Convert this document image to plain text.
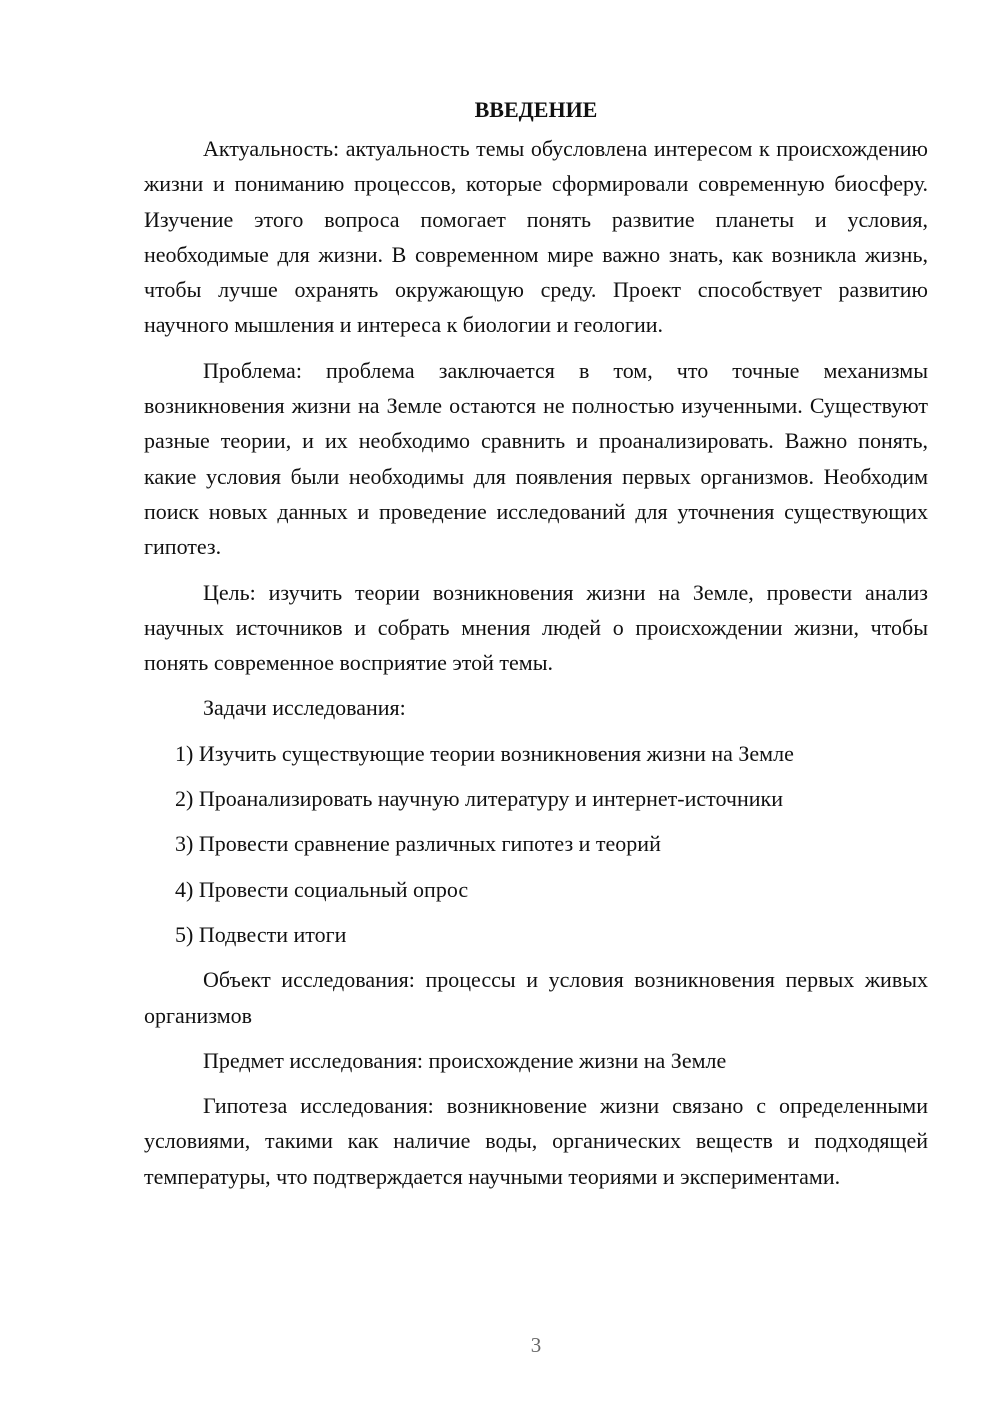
ВВЕДЕНИЕ

Актуальность: актуальность темы обусловлена интересом к происхождению жизни и пониманию процессов, которые сформировали современную биосферу. Изучение этого вопроса помогает понять развитие планеты и условия, необходимые для жизни. В современном мире важно знать, как возникла жизнь, чтобы лучше охранять окружающую среду. Проект способствует развитию научного мышления и интереса к биологии и геологии.

Проблема: проблема заключается в том, что точные механизмы возникновения жизни на Земле остаются не полностью изученными. Существуют разные теории, и их необходимо сравнить и проанализировать. Важно понять, какие условия были необходимы для появления первых организмов. Необходим поиск новых данных и проведение исследований для уточнения существующих гипотез.

Цель: изучить теории возникновения жизни на Земле, провести анализ научных источников и собрать мнения людей о происхождении жизни, чтобы понять современное восприятие этой темы.

Задачи исследования:

1) Изучить существующие теории возникновения жизни на Земле

2) Проанализировать научную литературу и интернет-источники

3) Провести сравнение различных гипотез и теорий

4) Провести социальный опрос

5) Подвести итоги

Объект исследования: процессы и условия возникновения первых живых организмов

Предмет исследования: происхождение жизни на Земле

Гипотеза исследования: возникновение жизни связано с определенными условиями, такими как наличие воды, органических веществ и подходящей температуры, что подтверждается научными теориями и экспериментами.

3
